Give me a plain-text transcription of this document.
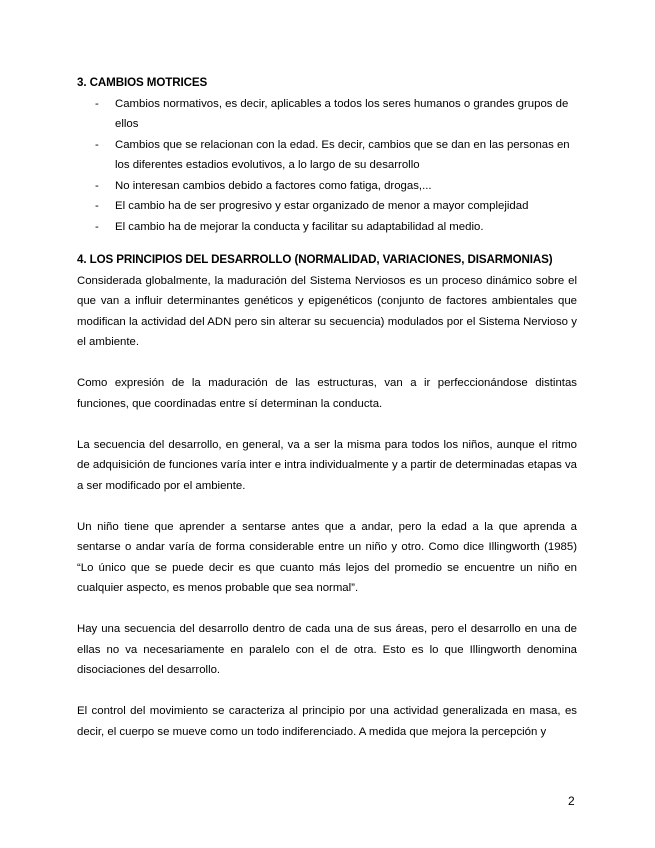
3. CAMBIOS MOTRICES
- Cambios normativos, es decir, aplicables a todos los seres humanos o grandes grupos de ellos
- Cambios que se relacionan con la edad. Es decir, cambios que se dan en las personas en los diferentes estadios evolutivos, a lo largo de su desarrollo
- No interesan cambios debido a factores como fatiga, drogas,...
- El cambio ha de ser progresivo y estar organizado de menor a mayor complejidad
- El cambio ha de mejorar la conducta y facilitar su adaptabilidad al medio.
4. LOS PRINCIPIOS DEL DESARROLLO (NORMALIDAD, VARIACIONES, DISARMONIAS)

Considerada globalmente, la maduración del Sistema Nerviosos es un proceso dinámico sobre el que van a influir determinantes genéticos y epigenéticos (conjunto de factores ambientales que modifican la actividad del ADN pero sin alterar su secuencia) modulados por el Sistema Nervioso y el ambiente.

Como expresión de la maduración de las estructuras, van a ir perfeccionándose distintas funciones, que coordinadas entre sí determinan la conducta.

La secuencia del desarrollo, en general, va a ser la misma para todos los niños, aunque el ritmo de adquisición de funciones varía inter e intra individualmente y a partir de determinadas etapas va a ser modificado por el ambiente.

Un niño tiene que aprender a sentarse antes que a andar, pero la edad a la que aprenda a sentarse o andar varía de forma considerable entre un niño y otro. Como dice Illingworth (1985) “Lo único que se puede decir es que cuanto más lejos del promedio se encuentre un niño en cualquier aspecto, es menos probable que sea normal”.

Hay una secuencia del desarrollo dentro de cada una de sus áreas, pero el desarrollo en una de ellas no va necesariamente en paralelo con el de otra. Esto es lo que Illingworth denomina disociaciones del desarrollo.

El control del movimiento se caracteriza al principio por una actividad generalizada en masa, es decir, el cuerpo se mueve como un todo indiferenciado. A medida que mejora la percepción y

2
